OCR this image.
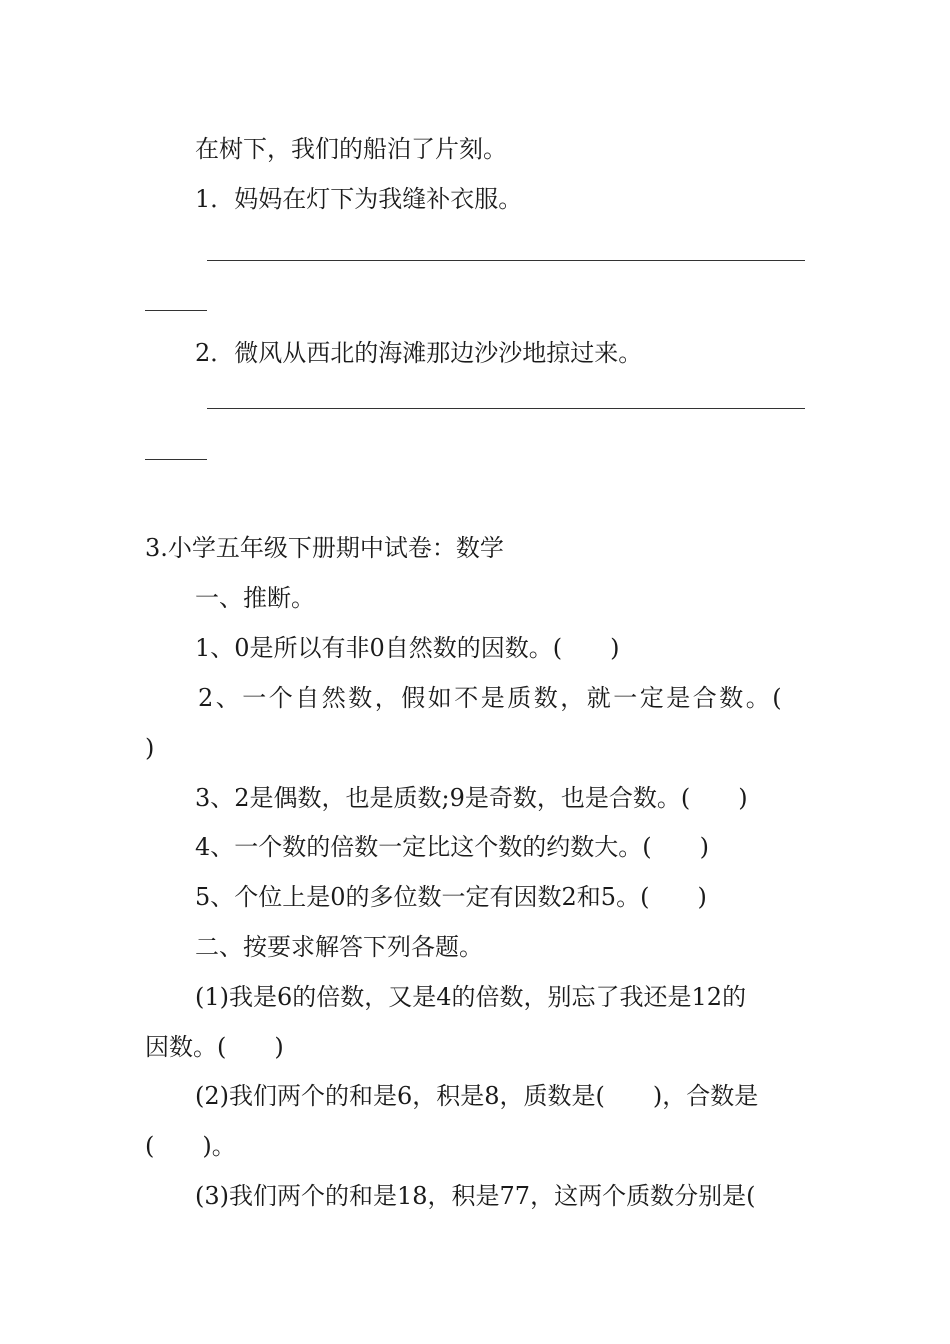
在树下，我们的船泊了片刻。

1．妈妈在灯下为我缝补衣服。

2．微风从西北的海滩那边沙沙地掠过来。

3.小学五年级下册期中试卷：数学

一、推断。

1、0是所以有非0自然数的因数。(　　)

2、一个自然数，假如不是质数，就一定是合数。(

)

3、2是偶数，也是质数;9是奇数，也是合数。(　　)

4、一个数的倍数一定比这个数的约数大。(　　)

5、个位上是0的多位数一定有因数2和5。(　　)

二、按要求解答下列各题。

(1)我是6的倍数，又是4的倍数，别忘了我还是12的

因数。(　　)

(2)我们两个的和是6，积是8，质数是(　　)，合数是

(　　)。

(3)我们两个的和是18，积是77，这两个质数分别是(
